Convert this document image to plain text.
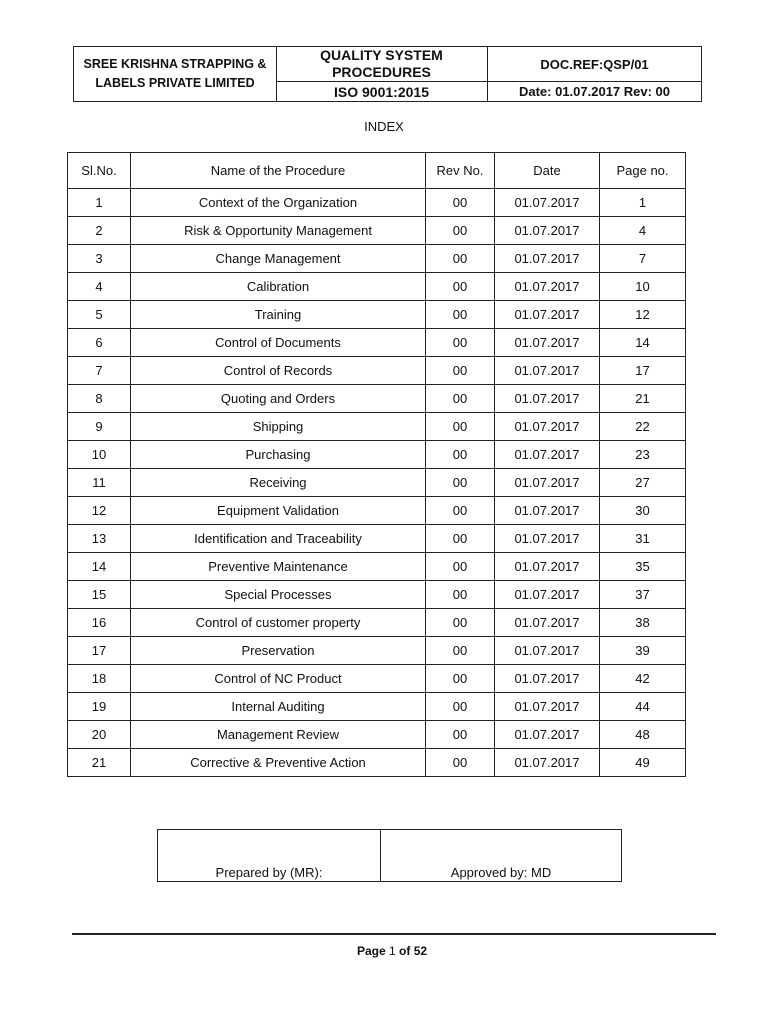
SREE KRISHNA STRAPPING &
LABELS PRIVATE LIMITED
QUALITY SYSTEM
PROCEDURES
ISO 9001:2015
DOC.REF:QSP/01
Date: 01.07.2017 Rev: 00
INDEX
Sl.No.	Name of the Procedure	Rev No.	Date	Page no.
1	Context of the Organization	00	01.07.2017	1
2	Risk & Opportunity Management	00	01.07.2017	4
3	Change Management	00	01.07.2017	7
4	Calibration	00	01.07.2017	10
5	Training	00	01.07.2017	12
6	Control of Documents	00	01.07.2017	14
7	Control of Records	00	01.07.2017	17
8	Quoting and Orders	00	01.07.2017	21
9	Shipping	00	01.07.2017	22
10	Purchasing	00	01.07.2017	23
11	Receiving	00	01.07.2017	27
12	Equipment Validation	00	01.07.2017	30
13	Identification and Traceability	00	01.07.2017	31
14	Preventive Maintenance	00	01.07.2017	35
15	Special Processes	00	01.07.2017	37
16	Control of customer property	00	01.07.2017	38
17	Preservation	00	01.07.2017	39
18	Control of NC Product	00	01.07.2017	42
19	Internal Auditing	00	01.07.2017	44
20	Management Review	00	01.07.2017	48
21	Corrective & Preventive Action	00	01.07.2017	49
Prepared by (MR):	Approved by: MD
Page 1 of 52
